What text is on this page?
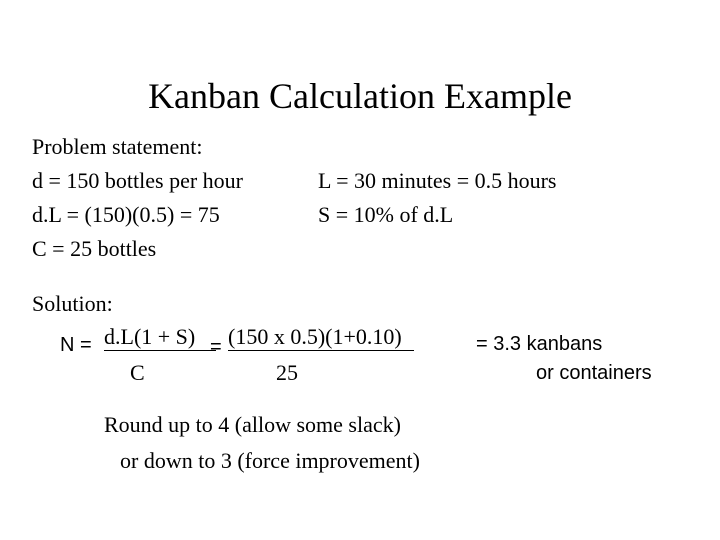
Kanban Calculation Example
Problem statement:
d = 150 bottles per hour
d.L = (150)(0.5) = 75
C = 25 bottles
L = 30 minutes = 0.5 hours
S = 10% of d.L
Solution:
N = d.L(1 + S)
C
= (150 x 0.5)(1+0.10)
25
= 3.3 kanbans
or containers
Round up to 4 (allow some slack)
or down to 3 (force improvement)
